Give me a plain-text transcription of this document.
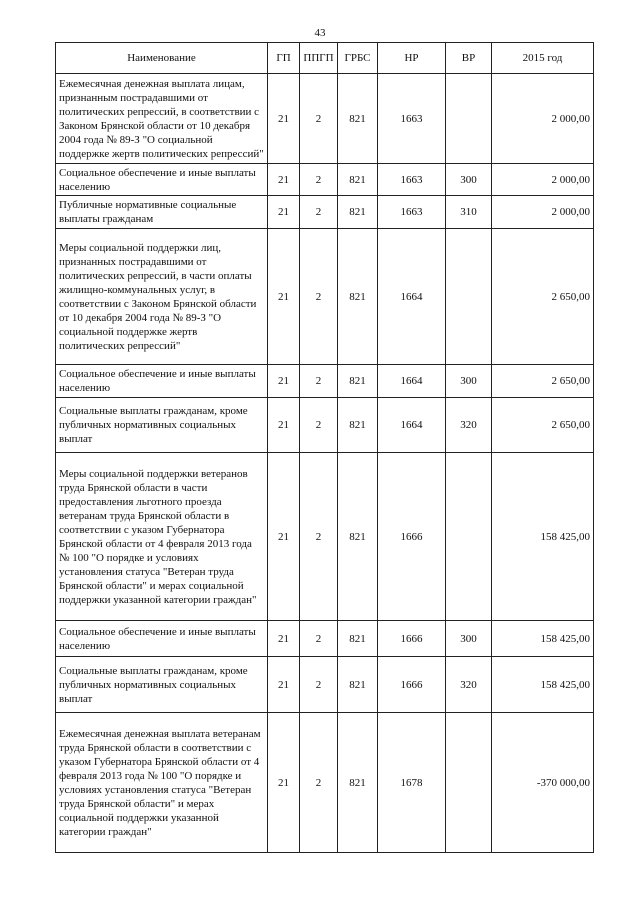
43
Наименование	ГП	ППГП	ГРБС	НР	ВР	2015 год
Ежемесячная денежная выплата лицам, признанным пострадавшими от политических репрессий, в соответствии с Законом Брянской области от 10 декабря 2004 года № 89-З "О социальной поддержке жертв политических репрессий"	21	2	821	1663		2 000,00
Социальное обеспечение и иные выплаты населению	21	2	821	1663	300	2 000,00
Публичные нормативные социальные выплаты гражданам	21	2	821	1663	310	2 000,00
Меры социальной поддержки лиц, признанных пострадавшими от политических репрессий, в части оплаты жилищно-коммунальных услуг, в соответствии с Законом Брянской области от 10 декабря 2004 года № 89-З "О социальной поддержке жертв политических репрессий"	21	2	821	1664		2 650,00
Социальное обеспечение и иные выплаты населению	21	2	821	1664	300	2 650,00
Социальные выплаты гражданам, кроме публичных нормативных социальных выплат	21	2	821	1664	320	2 650,00
Меры социальной поддержки ветеранов труда Брянской области в части предоставления льготного проезда ветеранам труда Брянской области в соответствии с указом Губернатора Брянской области от 4 февраля 2013 года № 100 "О порядке и условиях установления статуса "Ветеран труда Брянской области" и мерах социальной поддержки указанной категории граждан"	21	2	821	1666		158 425,00
Социальное обеспечение и иные выплаты населению	21	2	821	1666	300	158 425,00
Социальные выплаты гражданам, кроме публичных нормативных социальных выплат	21	2	821	1666	320	158 425,00
Ежемесячная денежная выплата ветеранам труда Брянской области в соответствии с указом Губернатора Брянской области от 4 февраля 2013 года № 100 "О порядке и условиях установления статуса "Ветеран труда Брянской области" и мерах социальной поддержки указанной категории граждан"	21	2	821	1678		-370 000,00
